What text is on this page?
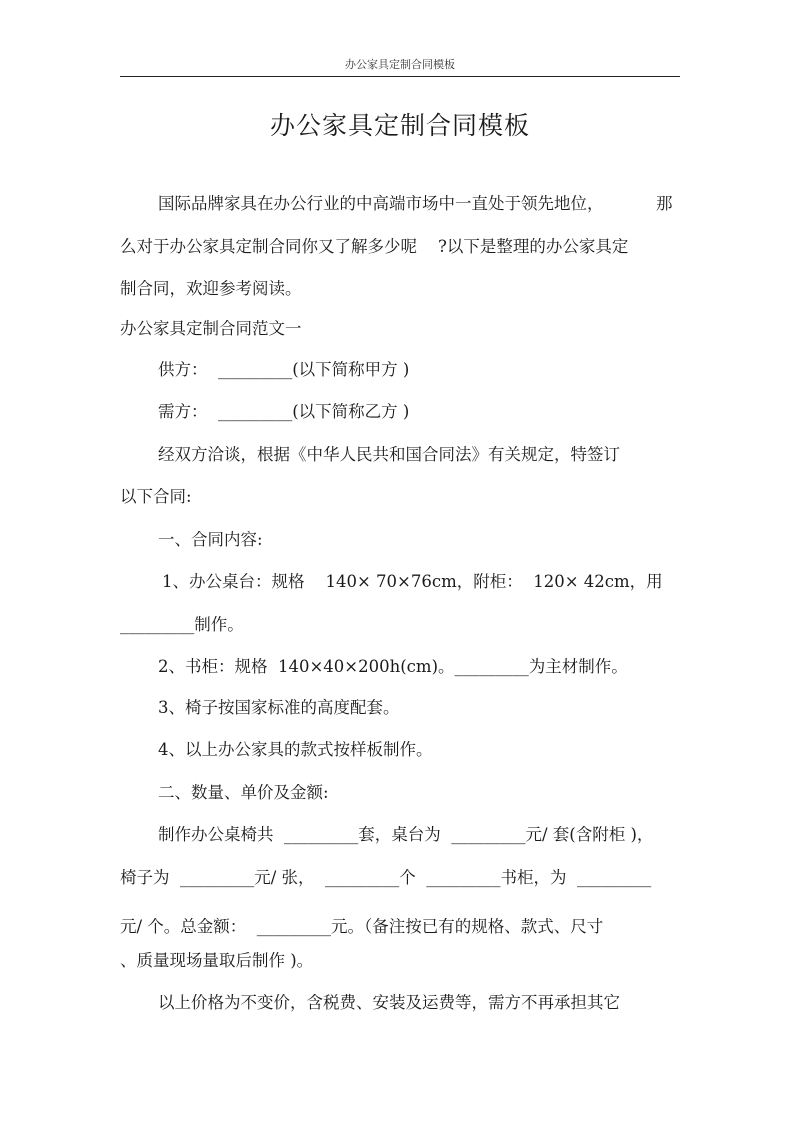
办公家具定制合同模板
办公家具定制合同模板
国际品牌家具在办公行业的中高端市场中一直处于领先地位，	那
么对于办公家具定制合同你又了解多少呢    ?以下是整理的办公家具定
制合同，欢迎参考阅读。
办公家具定制合同范文一
供方：  _________(以下简称甲方 )
需方：  _________(以下简称乙方 )
经双方洽谈，根据《中华人民共和国合同法》有关规定，特签订
以下合同:
一、合同内容:
1、办公桌台：规格    140× 70×76cm，附柜：  120× 42cm，用
_________制作。
2、书柜：规格  140×40×200h(cm)。_________为主材制作。
3、椅子按国家标准的高度配套。
4、以上办公家具的款式按样板制作。
二、数量、单价及金额:
制作办公桌椅共  _________套，桌台为  _________元/ 套(含附柜 )，
椅子为  _________元/ 张，  _________个  _________书柜，为  _________
元/ 个。总金额：  _________元。（备注按已有的规格、款式、尺寸
、质量现场量取后制作 )。
以上价格为不变价，含税费、安装及运费等，需方不再承担其它
